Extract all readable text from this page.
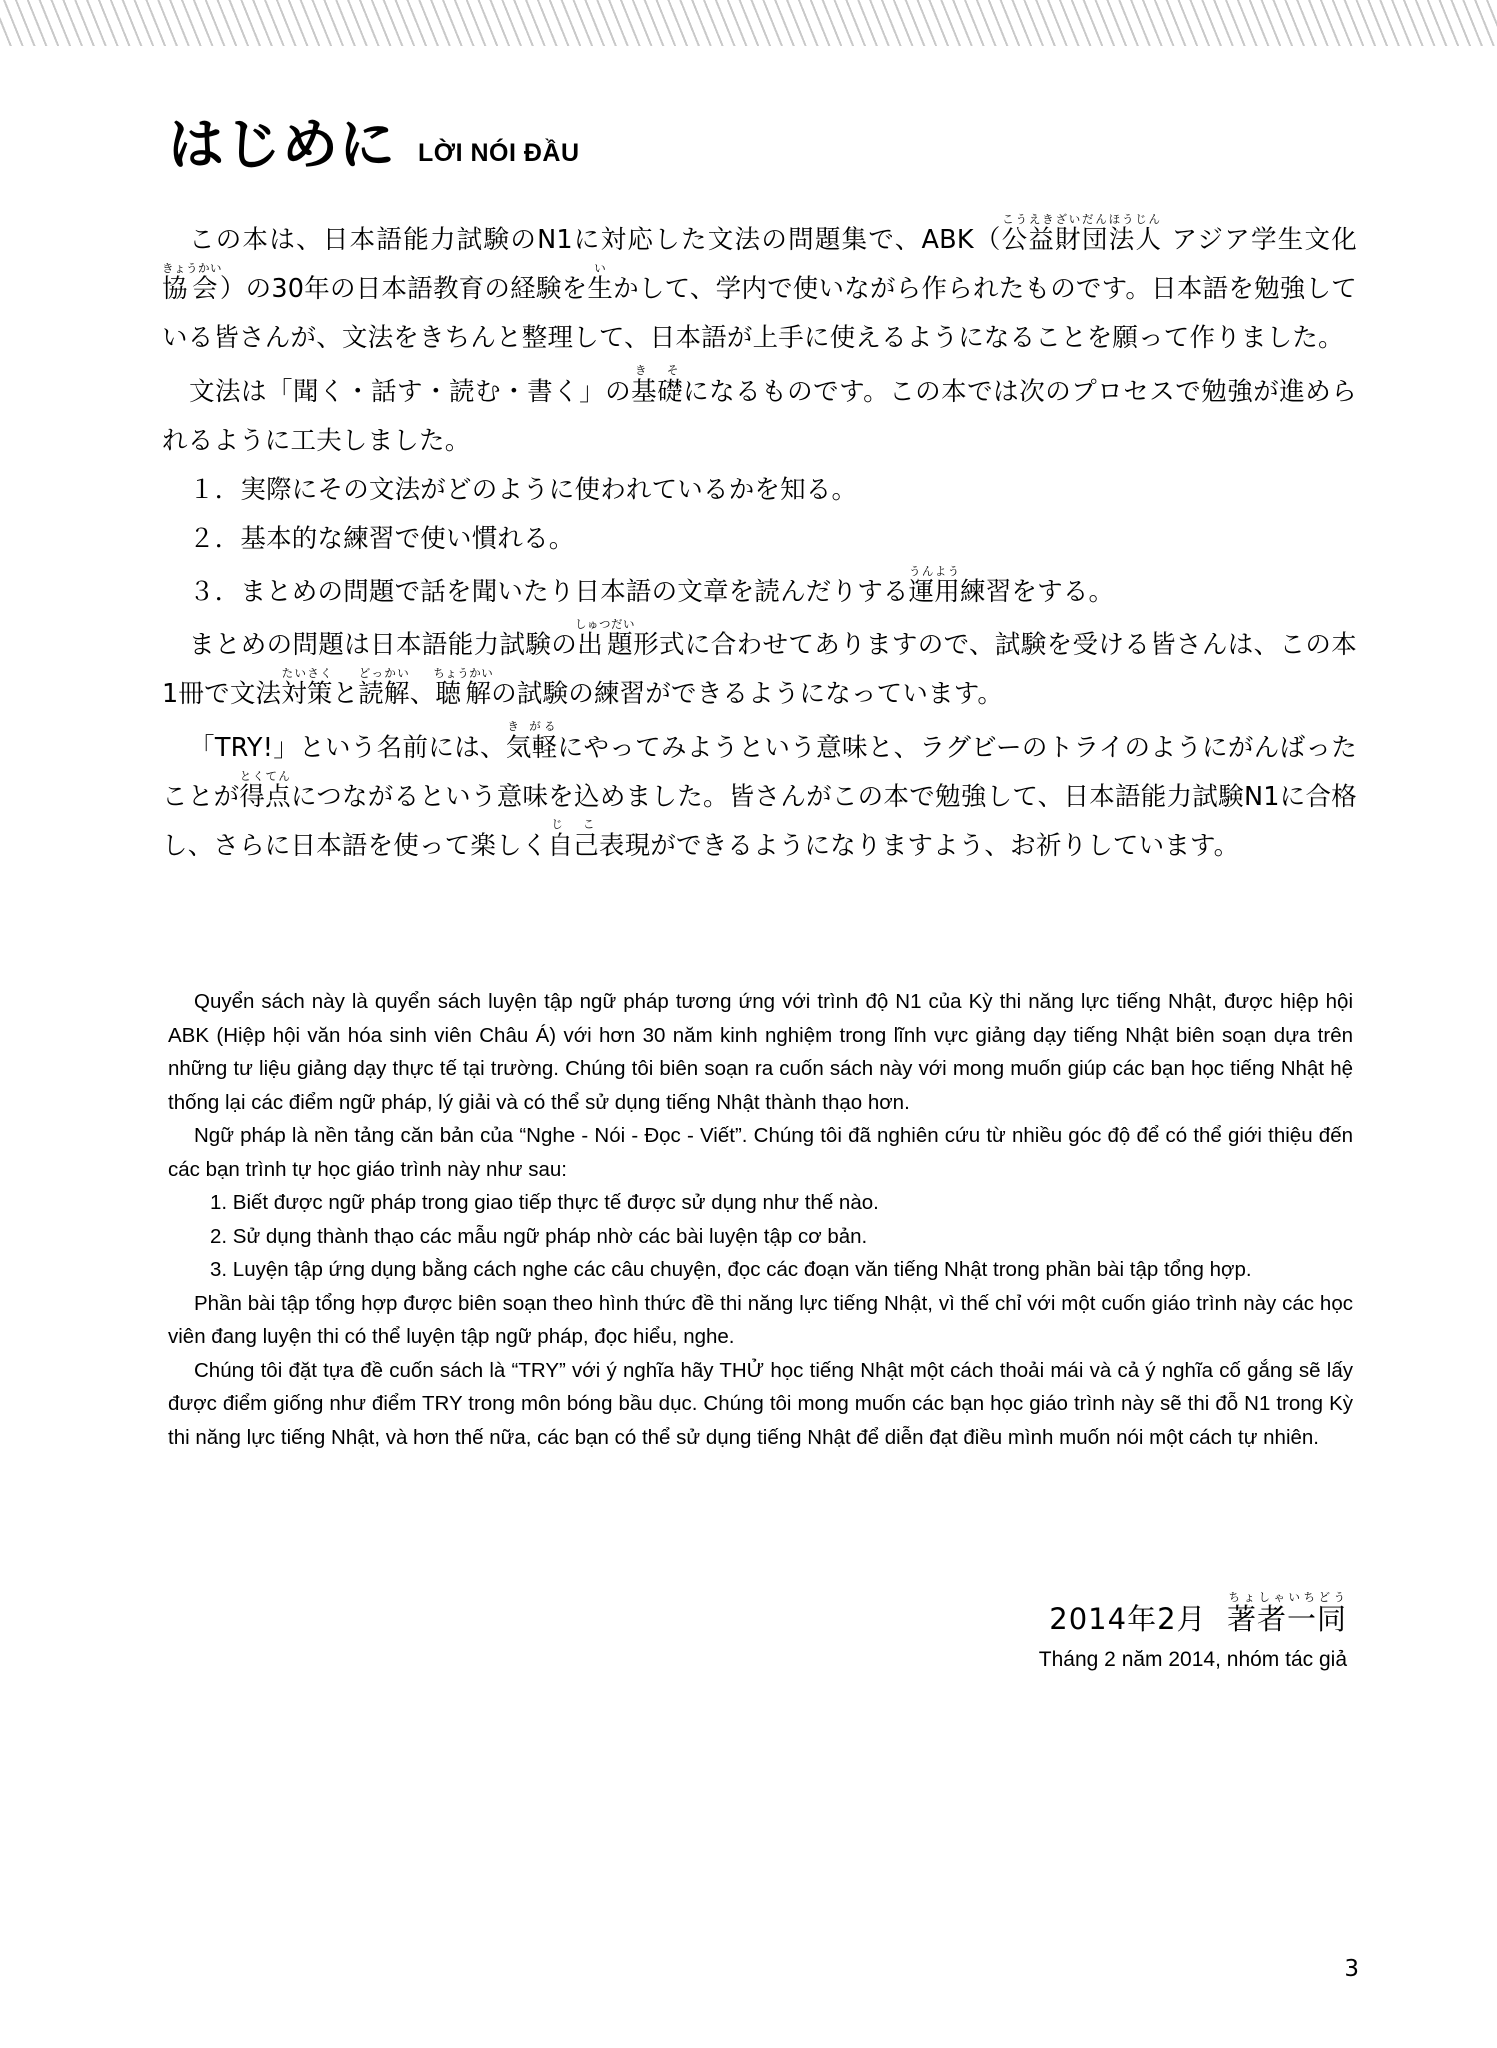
はじめに LỜI NÓI ĐẦU

この本は、日本語能力試験のN1に対応した文法の問題集で、ABK（公益財団法人こうえきざいだんほうじん アジア学生文化協会きょうかい）の30年の日本語教育の経験を生いかして、学内で使いながら作られたものです。日本語を勉強している皆さんが、文法をきちんと整理して、日本語が上手に使えるようになることを願って作りました。

文法は「聞く・話す・読む・書く」の基礎き そになるものです。この本では次のプロセスで勉強が進められるように工夫しました。

１．実際にその文法がどのように使われているかを知る。

２．基本的な練習で使い慣れる。

３．まとめの問題で話を聞いたり日本語の文章を読んだりする運用うんよう練習をする。

まとめの問題は日本語能力試験の出題しゅつだい形式に合わせてありますので、試験を受ける皆さんは、この本1冊で文法対策たいさくと読解どっかい、聴解ちょうかいの試験の練習ができるようになっています。

「TRY!」という名前には、気軽き がるにやってみようという意味と、ラグビーのトライのようにがんばったことが得点とくてんにつながるという意味を込めました。皆さんがこの本で勉強して、日本語能力試験N1に合格し、さらに日本語を使って楽しく自己じ こ表現ができるようになりますよう、お祈りしています。

Quyển sách này là quyển sách luyện tập ngữ pháp tương ứng với trình độ N1 của Kỳ thi năng lực tiếng Nhật, được hiệp hội ABK (Hiệp hội văn hóa sinh viên Châu Á) với hơn 30 năm kinh nghiệm trong lĩnh vực giảng dạy tiếng Nhật biên soạn dựa trên những tư liệu giảng dạy thực tế tại trường. Chúng tôi biên soạn ra cuốn sách này với mong muốn giúp các bạn học tiếng Nhật hệ thống lại các điểm ngữ pháp, lý giải và có thể sử dụng tiếng Nhật thành thạo hơn.

Ngữ pháp là nền tảng căn bản của “Nghe - Nói - Đọc - Viết”. Chúng tôi đã nghiên cứu từ nhiều góc độ để có thể giới thiệu đến các bạn trình tự học giáo trình này như sau:

1. Biết được ngữ pháp trong giao tiếp thực tế được sử dụng như thế nào.
2. Sử dụng thành thạo các mẫu ngữ pháp nhờ các bài luyện tập cơ bản.
3. Luyện tập ứng dụng bằng cách nghe các câu chuyện, đọc các đoạn văn tiếng Nhật trong phần bài tập tổng hợp.

Phần bài tập tổng hợp được biên soạn theo hình thức đề thi năng lực tiếng Nhật, vì thế chỉ với một cuốn giáo trình này các học viên đang luyện thi có thể luyện tập ngữ pháp, đọc hiểu, nghe.

Chúng tôi đặt tựa đề cuốn sách là “TRY” với ý nghĩa hãy THỬ học tiếng Nhật một cách thoải mái và cả ý nghĩa cố gắng sẽ lấy được điểm giống như điểm TRY trong môn bóng bầu dục. Chúng tôi mong muốn các bạn học giáo trình này sẽ thi đỗ N1 trong Kỳ thi năng lực tiếng Nhật, và hơn thế nữa, các bạn có thể sử dụng tiếng Nhật để diễn đạt điều mình muốn nói một cách tự nhiên.

2014年2月 著者一同ちょしゃいちどう
Tháng 2 năm 2014, nhóm tác giả
3
